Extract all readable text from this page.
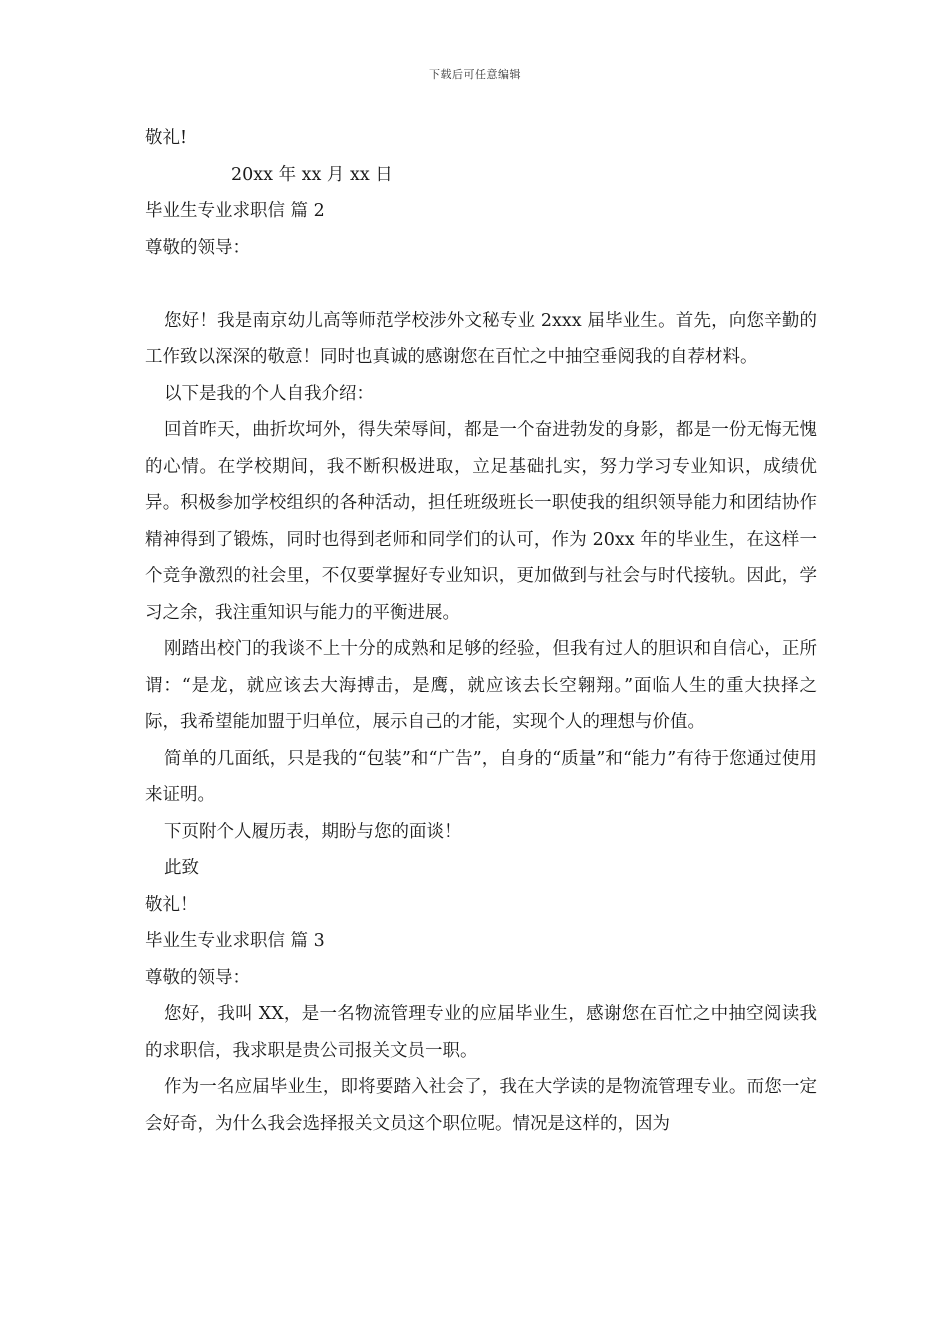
下载后可任意编辑

敬礼!

20xx 年 xx 月 xx 日

毕业生专业求职信 篇 2

尊敬的领导：

您好！我是南京幼儿高等师范学校涉外文秘专业 2xxx 届毕业生。首先，向您辛勤的工作致以深深的敬意！同时也真诚的感谢您在百忙之中抽空垂阅我的自荐材料。

以下是我的个人自我介绍：

回首昨天，曲折坎坷外，得失荣辱间，都是一个奋进勃发的身影，都是一份无悔无愧的心情。在学校期间，我不断积极进取，立足基础扎实，努力学习专业知识，成绩优异。积极参加学校组织的各种活动，担任班级班长一职使我的组织领导能力和团结协作精神得到了锻炼，同时也得到老师和同学们的认可，作为 20xx 年的毕业生，在这样一个竞争激烈的社会里，不仅要掌握好专业知识，更加做到与社会与时代接轨。因此，学习之余，我注重知识与能力的平衡进展。

刚踏出校门的我谈不上十分的成熟和足够的经验，但我有过人的胆识和自信心，正所谓：“是龙，就应该去大海搏击，是鹰，就应该去长空翱翔。”面临人生的重大抉择之际，我希望能加盟于归单位，展示自己的才能，实现个人的理想与价值。

简单的几面纸，只是我的“包装”和“广告”，自身的“质量”和“能力”有待于您通过使用来证明。

下页附个人履历表，期盼与您的面谈！

此致

敬礼！

毕业生专业求职信 篇 3

尊敬的领导：

您好，我叫 XX，是一名物流管理专业的应届毕业生，感谢您在百忙之中抽空阅读我的求职信，我求职是贵公司报关文员一职。

作为一名应届毕业生，即将要踏入社会了，我在大学读的是物流管理专业。而您一定会好奇，为什么我会选择报关文员这个职位呢。情况是这样的，因为
